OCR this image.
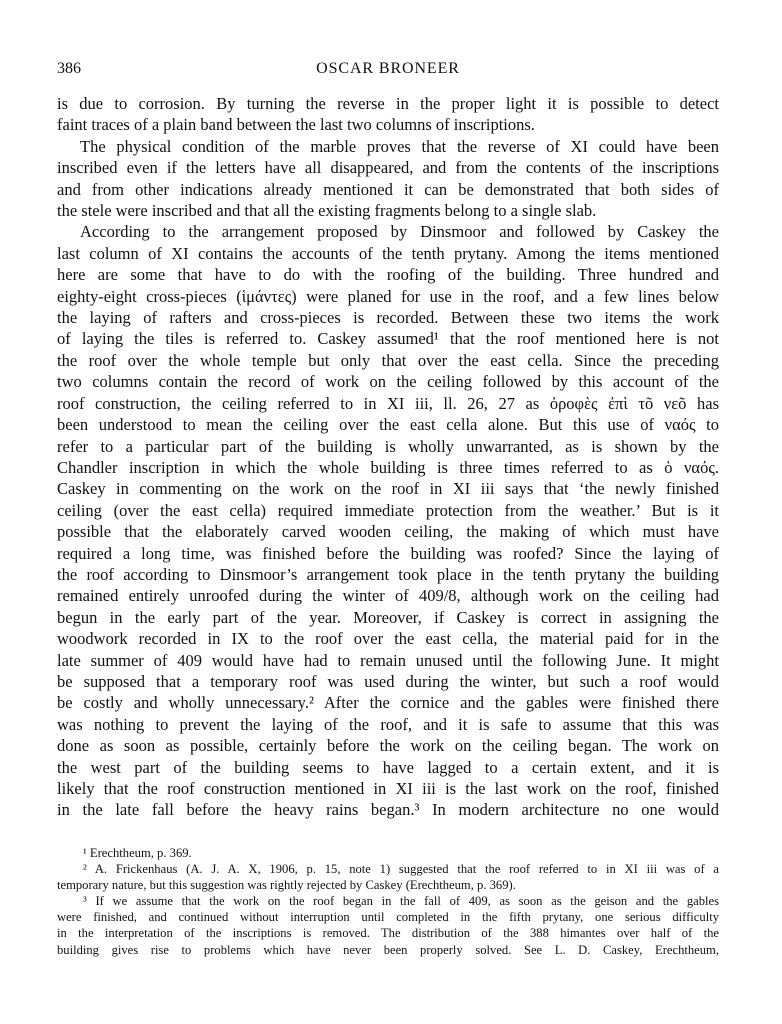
386	OSCAR BRONEER
is due to corrosion. By turning the reverse in the proper light it is possible to detect
faint traces of a plain band between the last two columns of inscriptions.
The physical condition of the marble proves that the reverse of XI could have been
inscribed even if the letters have all disappeared, and from the contents of the inscriptions
and from other indications already mentioned it can be demonstrated that both sides of
the stele were inscribed and that all the existing fragments belong to a single slab.
According to the arrangement proposed by Dinsmoor and followed by Caskey the
last column of XI contains the accounts of the tenth prytany. Among the items mentioned
here are some that have to do with the roofing of the building. Three hundred and
eighty-eight cross-pieces (ἱμάντες) were planed for use in the roof, and a few lines below
the laying of rafters and cross-pieces is recorded. Between these two items the work
of laying the tiles is referred to. Caskey assumed¹ that the roof mentioned here is not
the roof over the whole temple but only that over the east cella. Since the preceding
two columns contain the record of work on the ceiling followed by this account of the
roof construction, the ceiling referred to in XI iii, ll. 26, 27 as ὀροφὲς ἐπὶ τõ νεõ has
been understood to mean the ceiling over the east cella alone. But this use of ναός to
refer to a particular part of the building is wholly unwarranted, as is shown by the
Chandler inscription in which the whole building is three times referred to as ὁ ναός.
Caskey in commenting on the work on the roof in XI iii says that ‘the newly finished
ceiling (over the east cella) required immediate protection from the weather.’ But is it
possible that the elaborately carved wooden ceiling, the making of which must have
required a long time, was finished before the building was roofed? Since the laying of
the roof according to Dinsmoor’s arrangement took place in the tenth prytany the building
remained entirely unroofed during the winter of 409/8, although work on the ceiling had
begun in the early part of the year. Moreover, if Caskey is correct in assigning the
woodwork recorded in IX to the roof over the east cella, the material paid for in the
late summer of 409 would have had to remain unused until the following June. It might
be supposed that a temporary roof was used during the winter, but such a roof would
be costly and wholly unnecessary.² After the cornice and the gables were finished there
was nothing to prevent the laying of the roof, and it is safe to assume that this was
done as soon as possible, certainly before the work on the ceiling began. The work on
the west part of the building seems to have lagged to a certain extent, and it is
likely that the roof construction mentioned in XI iii is the last work on the roof, finished
in the late fall before the heavy rains began.³ In modern architecture no one would
¹ Erechtheum, p. 369.
² A. Frickenhaus (A. J. A. X, 1906, p. 15, note 1) suggested that the roof referred to in XI iii was of a
temporary nature, but this suggestion was rightly rejected by Caskey (Erechtheum, p. 369).
³ If we assume that the work on the roof began in the fall of 409, as soon as the geison and the gables
were finished, and continued without interruption until completed in the fifth prytany, one serious difficulty
in the interpretation of the inscriptions is removed. The distribution of the 388 himantes over half of the
building gives rise to problems which have never been properly solved. See L. D. Caskey, Erechtheum,
